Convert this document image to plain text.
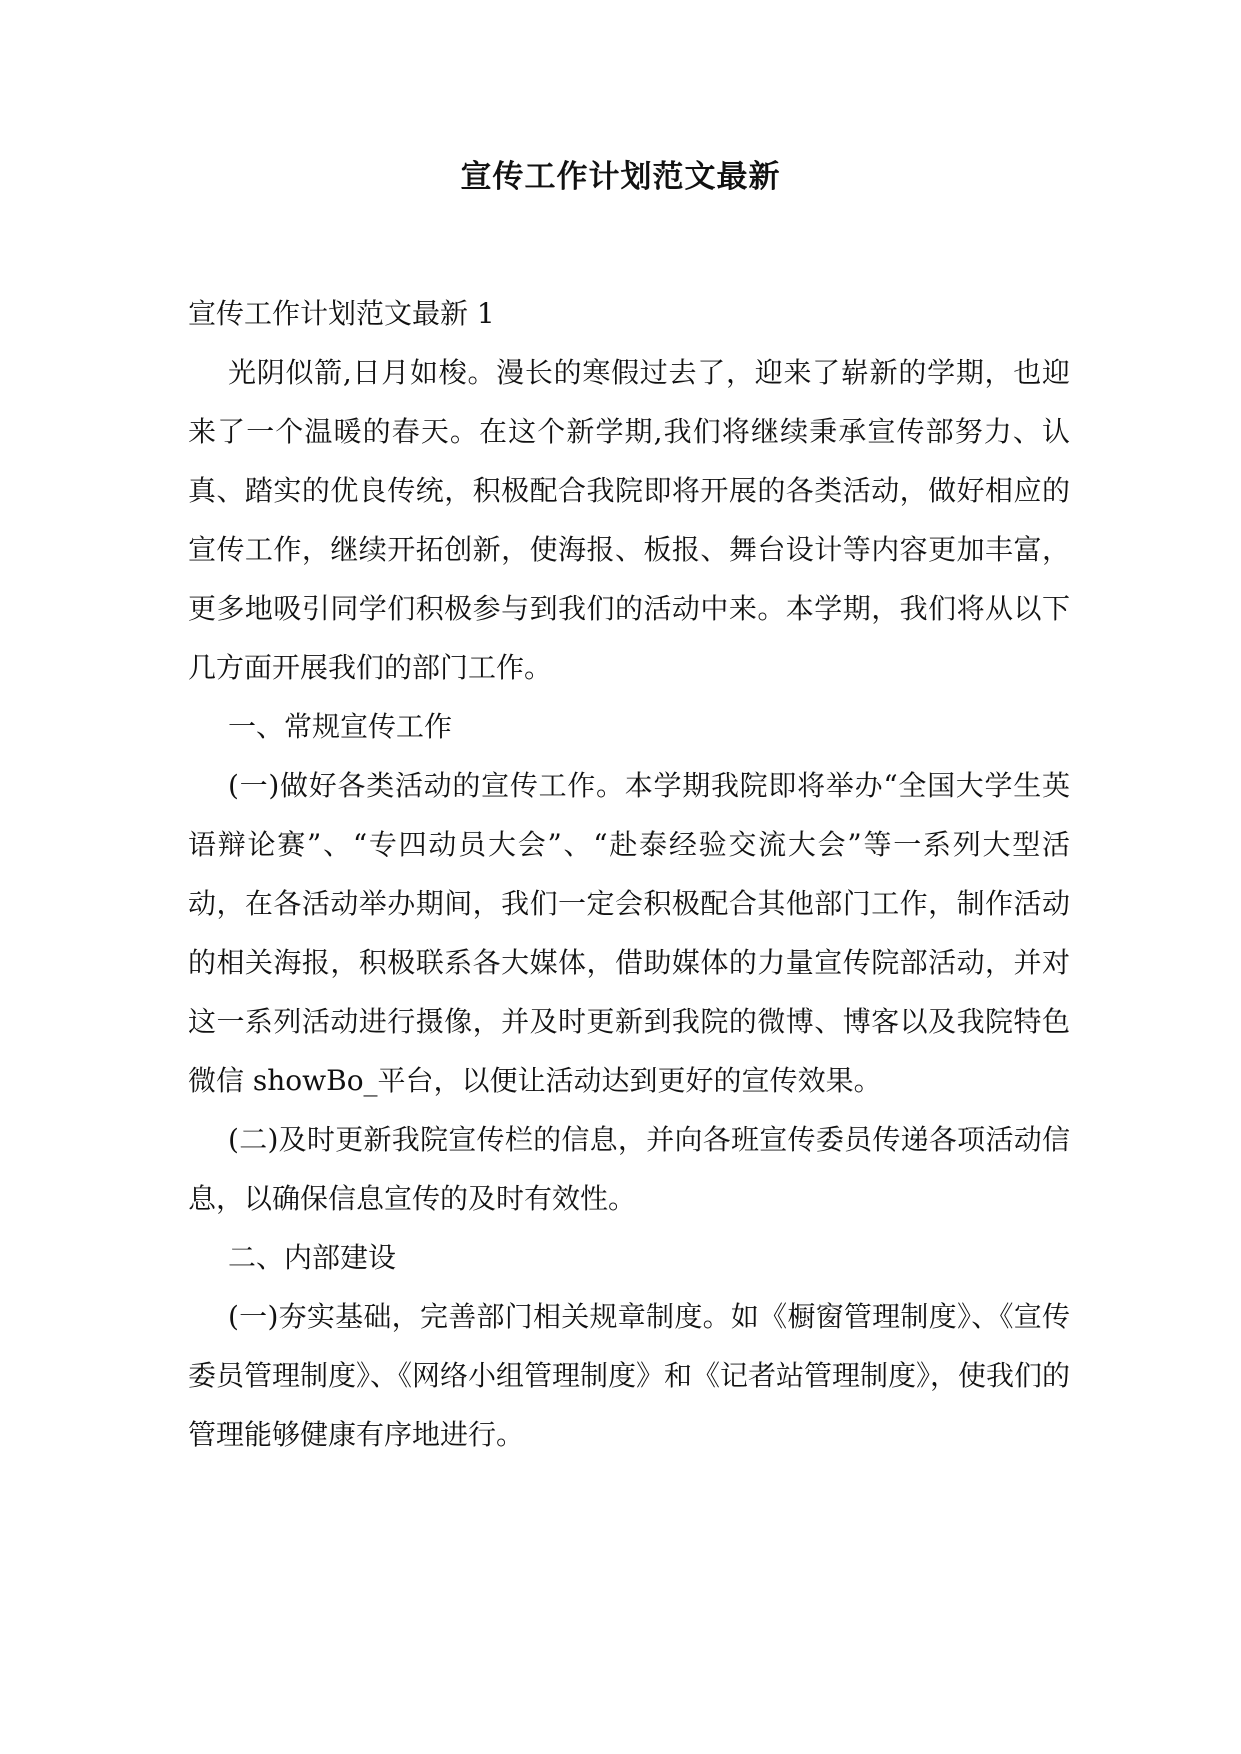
宣传工作计划范文最新

宣传工作计划范文最新 1

光阴似箭,日月如梭。漫长的寒假过去了，迎来了崭新的学期，也迎来了一个温暖的春天。在这个新学期,我们将继续秉承宣传部努力、认真、踏实的优良传统，积极配合我院即将开展的各类活动，做好相应的宣传工作，继续开拓创新，使海报、板报、舞台设计等内容更加丰富，更多地吸引同学们积极参与到我们的活动中来。本学期，我们将从以下几方面开展我们的部门工作。

一、常规宣传工作

(一)做好各类活动的宣传工作。本学期我院即将举办“全国大学生英语辩论赛”、“专四动员大会”、“赴泰经验交流大会”等一系列大型活动，在各活动举办期间，我们一定会积极配合其他部门工作，制作活动的相关海报，积极联系各大媒体，借助媒体的力量宣传院部活动，并对这一系列活动进行摄像，并及时更新到我院的微博、博客以及我院特色微信 showBo_平台，以便让活动达到更好的宣传效果。

(二)及时更新我院宣传栏的信息，并向各班宣传委员传递各项活动信息，以确保信息宣传的及时有效性。

二、内部建设

(一)夯实基础，完善部门相关规章制度。如《橱窗管理制度》、《宣传委员管理制度》、《网络小组管理制度》和《记者站管理制度》，使我们的管理能够健康有序地进行。
